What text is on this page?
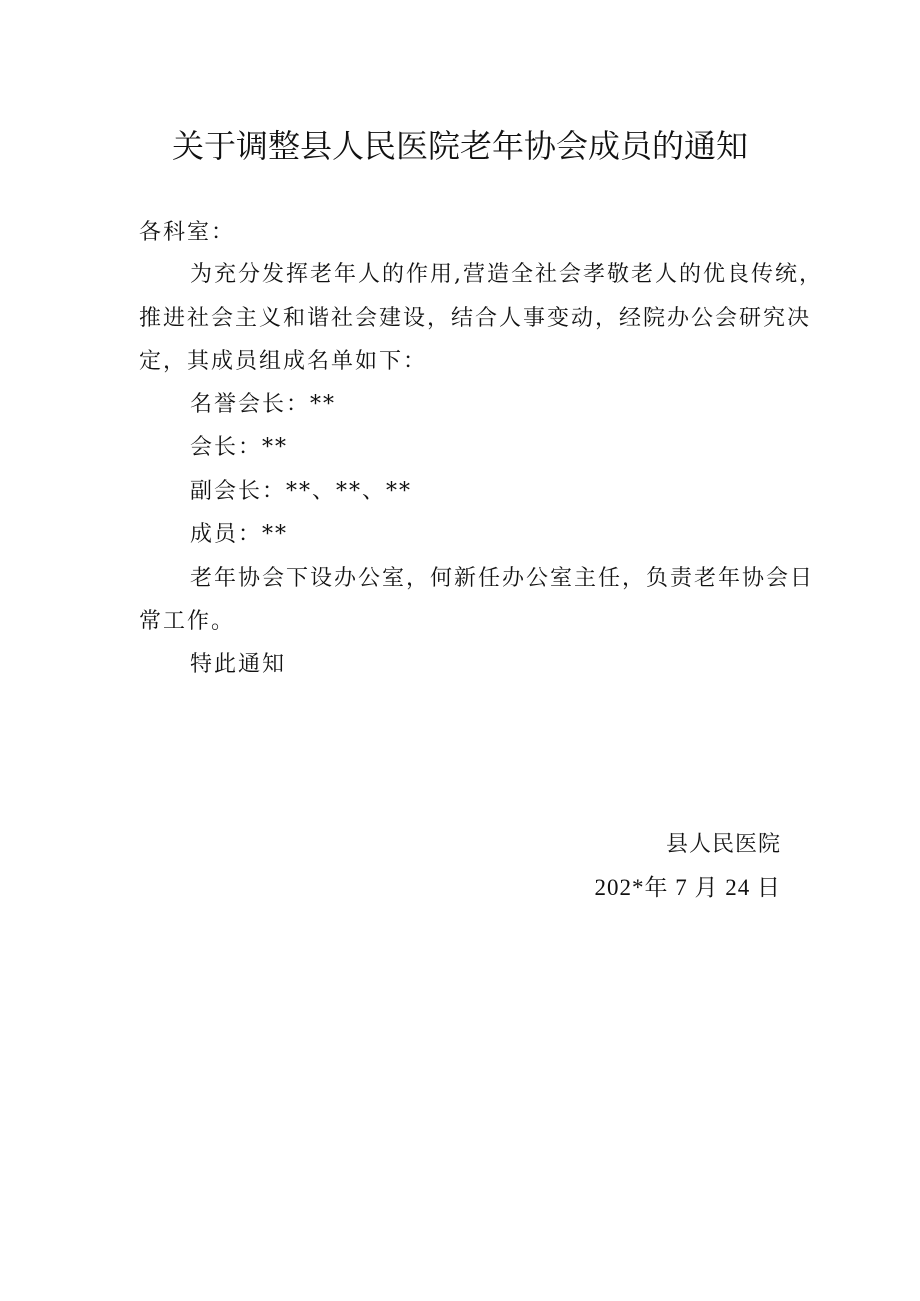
关于调整县人民医院老年协会成员的通知
各科室：
为充分发挥老年人的作用,营造全社会孝敬老人的优良传统，
推进社会主义和谐社会建设，结合人事变动，经院办公会研究决
定，其成员组成名单如下：
名誉会长：**
会长：**
副会长：**、**、**
成员：**
老年协会下设办公室，何新任办公室主任，负责老年协会日
常工作。
特此通知
县人民医院
202*年 7 月 24 日
